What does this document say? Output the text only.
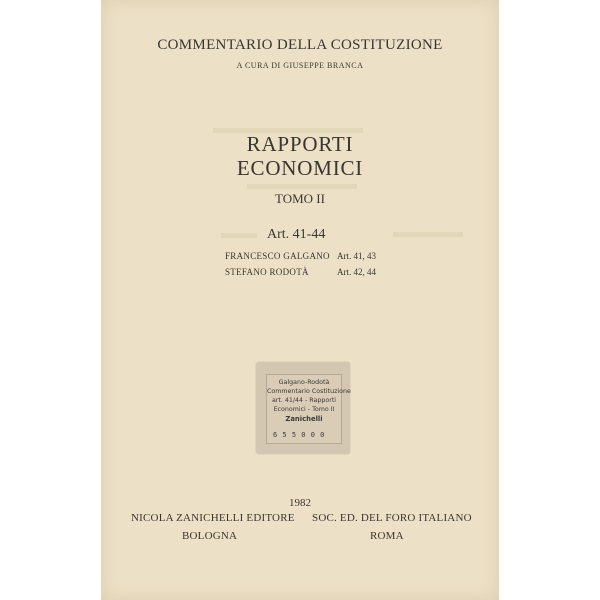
COMMENTARIO DELLA COSTITUZIONE
A CURA DI GIUSEPPE BRANCA
RAPPORTI
ECONOMICI
TOMO II
Art. 41-44
FRANCESCO GALGANO Art. 41, 43
STEFANO RODOTÀ	Art. 42, 44
Galgano-Rodotà
Commentario Costituzione
art. 41/44 - Rapporti
Economici - Tomo II
Zanichelli
6 5 5 0 0 0
1982
NICOLA ZANICHELLI EDITORE SOC. ED. DEL FORO ITALIANO
BOLOGNA	ROMA
